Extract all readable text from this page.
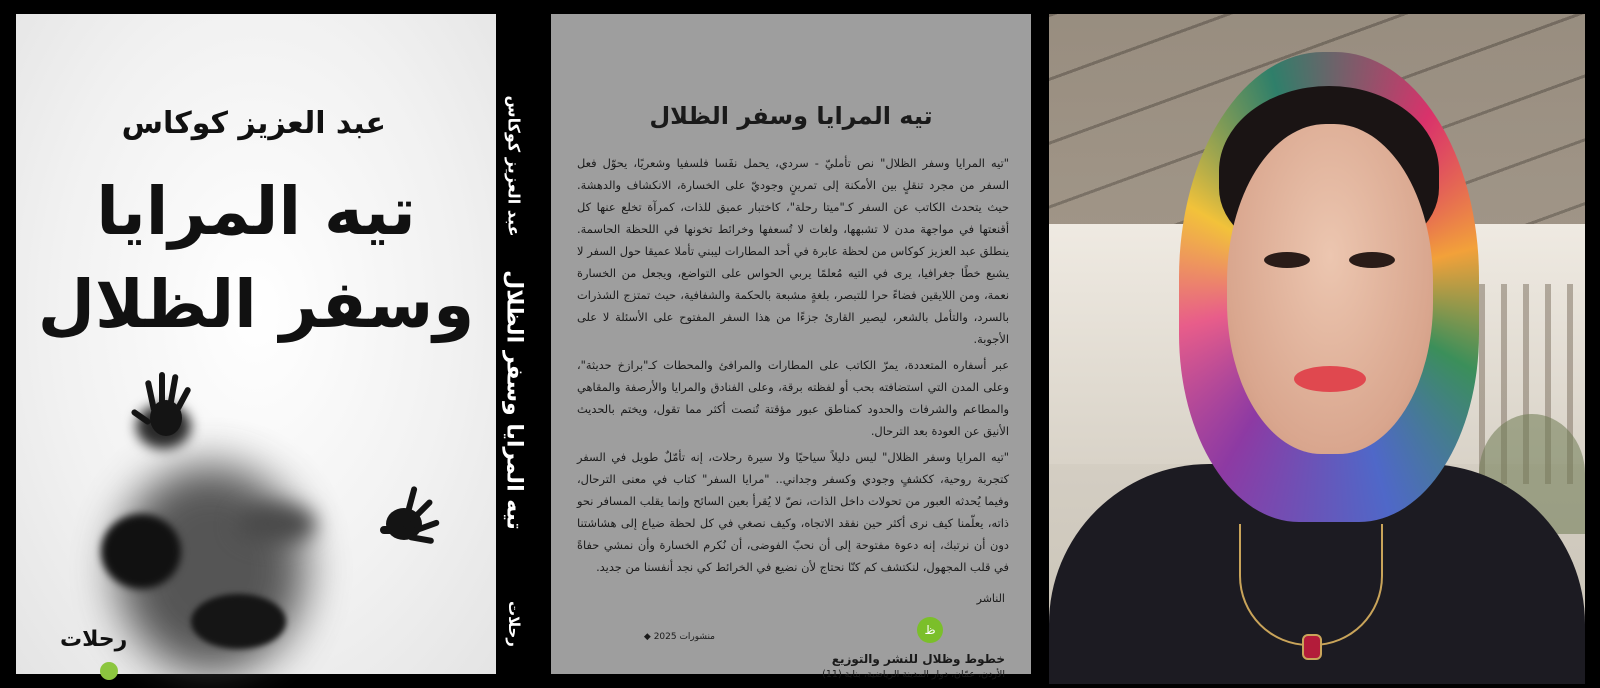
عبد العزيز كوكاس
تيه المرايا
وسفر الظلال
رحلات
عبد العزيز كوكاس
تيه المرايا وسفر الظلال
رحلات
تيه المرايا وسفر الظلال

"تيه المرايا وسفر الظلال" نص تأمليّ - سردي، يحمل نفَسا فلسفيا وشعريًا، يحوّل فعل السفر من مجرد تنقلٍ بين الأمكنة إلى تمرينٍ وجوديّ على الخسارة، الانكشاف والدهشة. حيث يتحدث الكاتب عن السفر كـ"ميتا رحلة"، كاختبار عميق للذات، كمرآة تخلع عنها كل أقنعتها في مواجهة مدن لا تشبهها، ولغات لا تُسعفها وخرائط تخونها في اللحظة الحاسمة. ينطلق عبد العزيز كوكاس من لحظة عابرة في أحد المطارات ليبني تأملا عميقا حول السفر لا يشبع خطًا جغرافيا، يرى في التيه مُعلمًا يربي الحواس على التواضع، ويجعل من الخسارة نعمة، ومن اللايقين فضاءً حرا للتبصر، بلغةٍ مشبعة بالحكمة والشفافية، حيث تمتزج الشذرات بالسرد، والتأمل بالشعر، ليصير القارئ جزءًا من هذا السفر المفتوح على الأسئلة لا على الأجوبة.

عبر أسفاره المتعددة، يمرّ الكاتب على المطارات والمرافئ والمحطات كـ"برازخ حديثة"، وعلى المدن التي استضافته بحب أو لفظته برقة، وعلى الفنادق والمرايا والأرصفة والمقاهي والمطاعم والشرفات والحدود كمناطق عبور مؤقتة تُنصت أكثر مما تقول، ويختم بالحديث الأنيق عن العودة بعد الترحال.

"تيه المرايا وسفر الظلال" ليس دليلاً سياحيًا ولا سيرة رحلات، إنه تأمّلٌ طويل في السفر كتجربة روحية، ككشفٍ وجودي وكسفر وجداني.. "مرايا السفر" كتاب في معنى الترحال، وفيما يُحدثه العبور من تحولات داخل الذات، نصّ لا يُقرأ بعين السائح وإنما يقلب المسافر نحو ذاته، يعلّمنا كيف نرى أكثر حين نفقد الاتجاه، وكيف نصغي في كل لحظة ضياع إلى هشاشتنا دون أن نرتبك، إنه دعوة مفتوحة إلى أن نحبّ الفوضى، أن نُكرم الخسارة وأن نمشي حفاةً في قلب المجهول، لنكتشف كم كنّا نحتاج لأن نضيع في الخرائط كي نجد أنفسنا من جديد.

الناشر
ظ
منشورات 2025 ◆
خطوط وظلال للنشر والتوزيع
الأردن، عمّان، دوار المدينة الرياضية، بناية (11)
